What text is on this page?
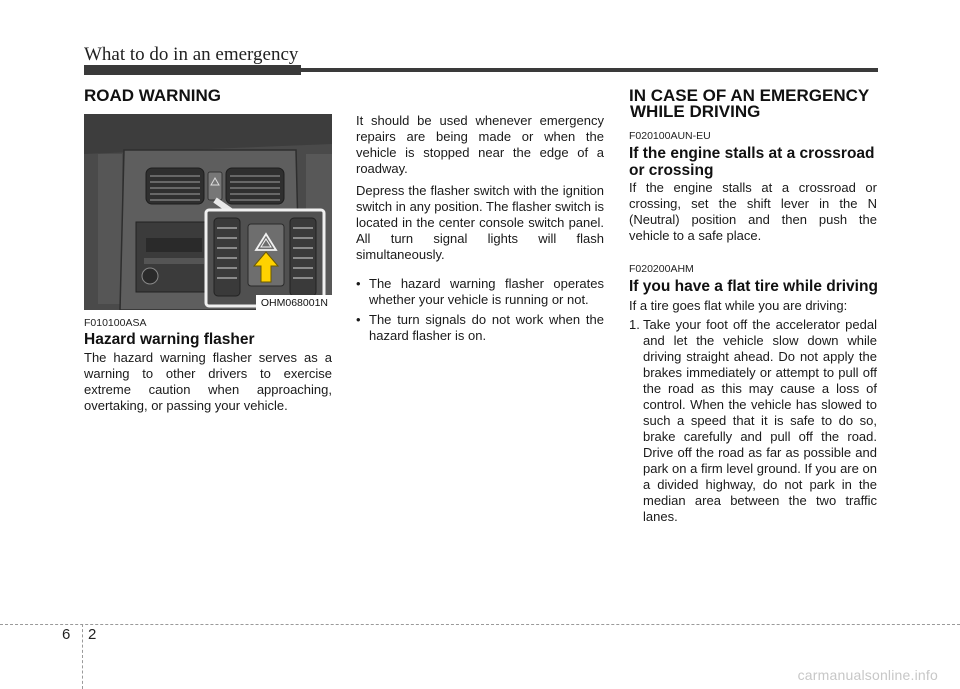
What to do in an emergency
ROAD WARNING
OHM068001N
F010100ASA
Hazard warning flasher

The hazard warning flasher serves as a warning to other drivers to exercise extreme caution when approaching, overtaking, or passing your vehicle.

It should be used whenever emergency repairs are being made or when the vehicle is stopped near the edge of a roadway.

Depress the flasher switch with the ignition switch in any position. The flasher switch is located in the center console switch panel. All turn signal lights will flash simultaneously.

• The hazard warning flasher operates whether your vehicle is running or not.
• The turn signals do not work when the hazard flasher is on.
IN CASE OF AN EMERGENCY
WHILE DRIVING
F020100AUN-EU
If the engine stalls at a crossroad
or crossing

If the engine stalls at a crossroad or crossing, set the shift lever in the N (Neutral) position and then push the vehicle to a safe place.

F020200AHM
If you have a flat tire while driving

If a tire goes flat while you are driving:

1. Take your foot off the accelerator pedal and let the vehicle slow down while driving straight ahead. Do not apply the brakes immediately or attempt to pull off the road as this may cause a loss of control. When the vehicle has slowed to such a speed that it is safe to do so, brake carefully and pull off the road. Drive off the road as far as possible and park on a firm level ground. If you are on a divided highway, do not park in the median area between the two traffic lanes.
6 2
carmanualsonline.info
